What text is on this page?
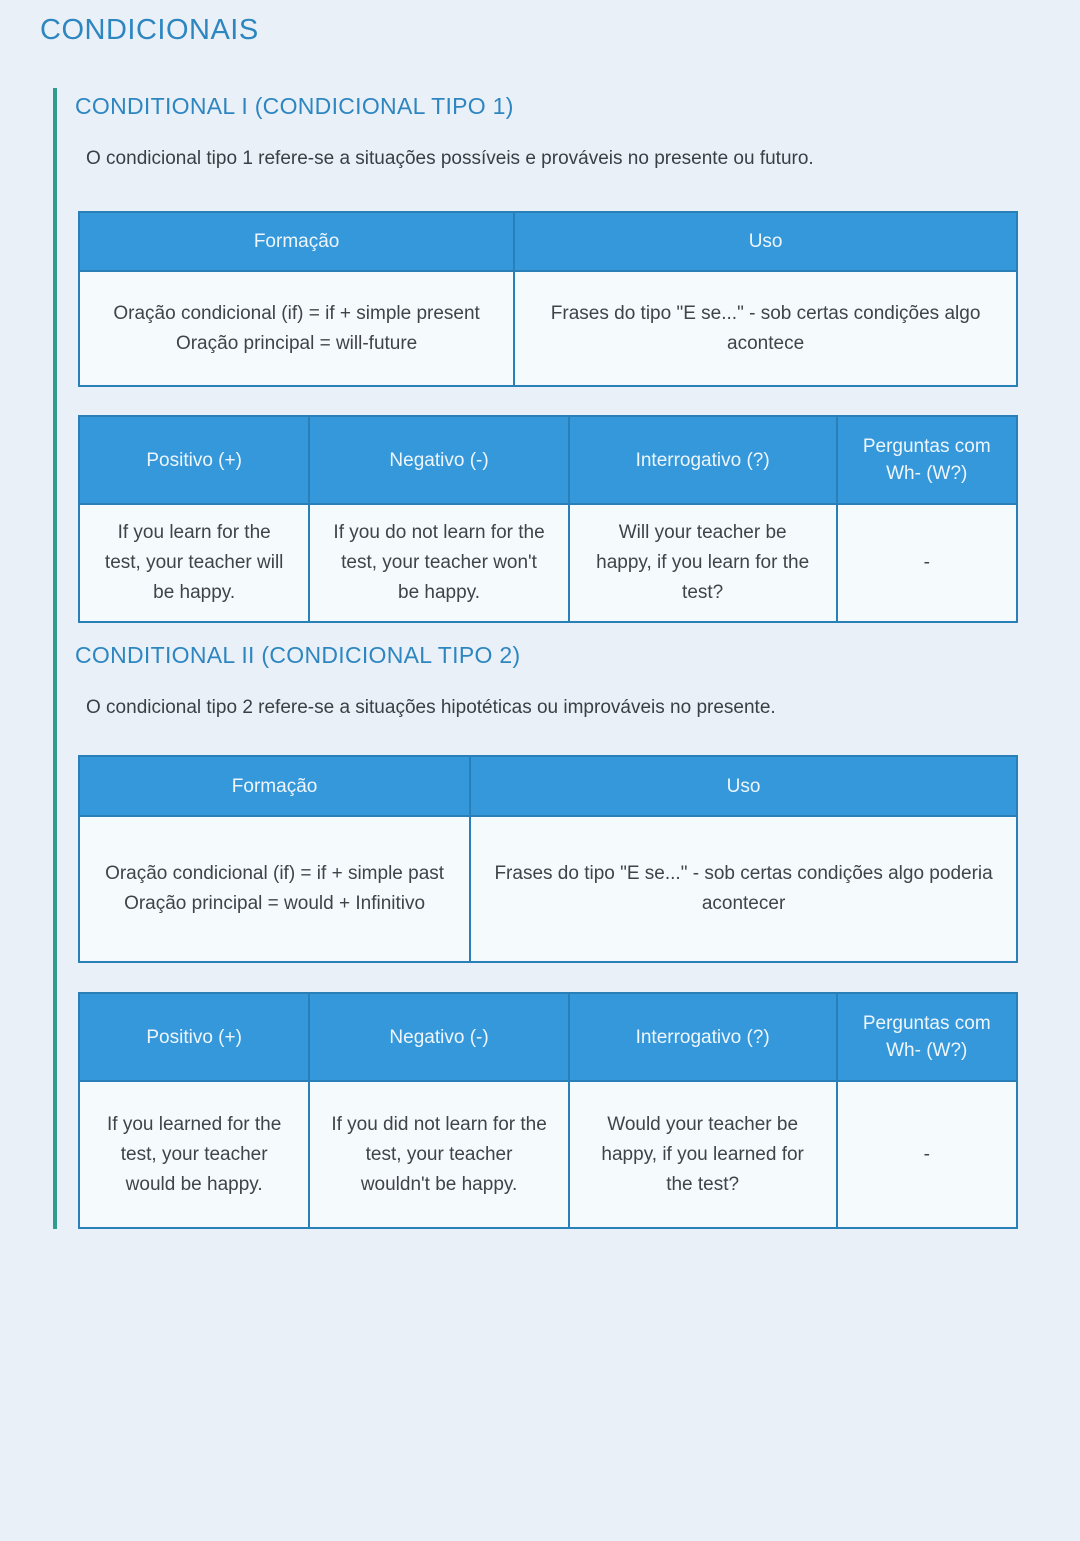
CONDICIONAIS
CONDITIONAL I (CONDICIONAL TIPO 1)

O condicional tipo 1 refere-se a situações possíveis e prováveis no presente ou futuro.

Formação	Uso

Oração condicional (if) = if + simple present
Oração principal = will-future	Frases do tipo "E se..." - sob certas condições algo acontece
Positivo (+)	Negativo (-)	Interrogativo (?)	Perguntas com Wh- (W?)
If you learn for the test, your teacher will be happy.	If you do not learn for the test, your teacher won't be happy.	Will your teacher be happy, if you learn for the test?	-
CONDITIONAL II (CONDICIONAL TIPO 2)

O condicional tipo 2 refere-se a situações hipotéticas ou improváveis no presente.

Formação	Uso

Oração condicional (if) = if + simple past
Oração principal = would + Infinitivo	Frases do tipo "E se..." - sob certas condições algo poderia acontecer
Positivo (+)	Negativo (-)	Interrogativo (?)	Perguntas com Wh- (W?)
If you learned for the test, your teacher would be happy.	If you did not learn for the test, your teacher wouldn't be happy.	Would your teacher be happy, if you learned for the test?	-
